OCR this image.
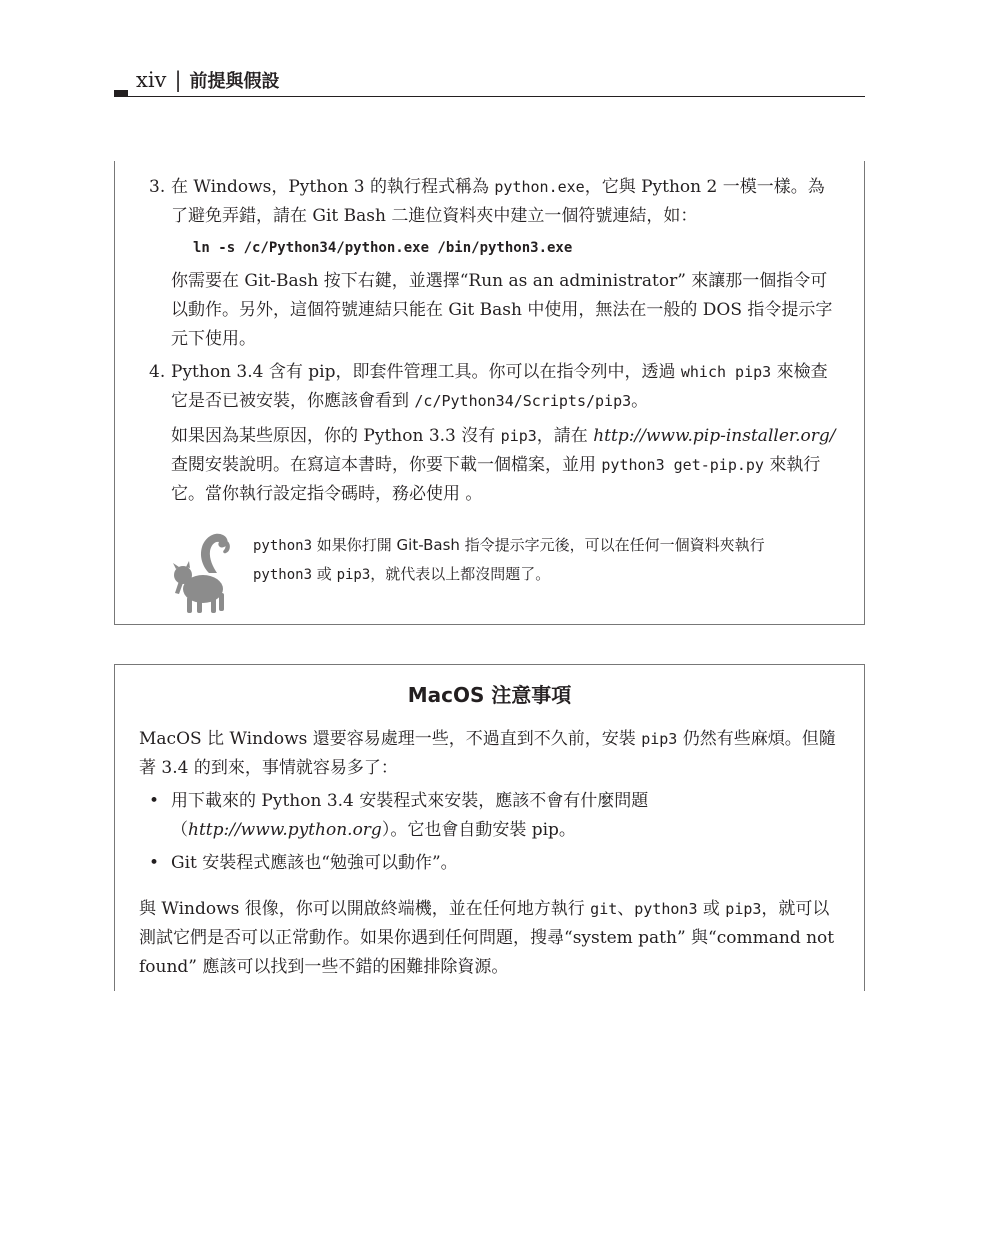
xiv | 前提與假設
3. 在 Windows，Python 3 的執行程式稱為 python.exe，它與 Python 2 一模一樣。為了避免弄錯，請在 Git Bash 二進位資料夾中建立一個符號連結，如：

ln -s /c/Python34/python.exe /bin/python3.exe

你需要在 Git-Bash 按下右鍵，並選擇“Run as an administrator” 來讓那一個指令可以動作。另外，這個符號連結只能在 Git Bash 中使用，無法在一般的 DOS 指令提示字元下使用。

4. Python 3.4 含有 pip，即套件管理工具。你可以在指令列中，透過 which pip3 來檢查它是否已被安裝，你應該會看到 /c/Python34/Scripts/pip3。

如果因為某些原因，你的 Python 3.3 沒有 pip3，請在 http://www.pip-installer.org/ 查閱安裝說明。在寫這本書時，你要下載一個檔案，並用 python3 get-pip.py 來執行它。當你執行設定指令碼時，務必使用 。

python3 如果你打開 Git-Bash 指令提示字元後，可以在任何一個資料夾執行 python3 或 pip3，就代表以上都沒問題了。
MacOS 注意事項

MacOS 比 Windows 還要容易處理一些，不過直到不久前，安裝 pip3 仍然有些麻煩。但隨著 3.4 的到來，事情就容易多了：

• 用下載來的 Python 3.4 安裝程式來安裝，應該不會有什麼問題（http://www.python.org）。它也會自動安裝 pip。
• Git 安裝程式應該也“勉強可以動作”。

與 Windows 很像，你可以開啟終端機，並在任何地方執行 git、python3 或 pip3，就可以測試它們是否可以正常動作。如果你遇到任何問題，搜尋“system path” 與“command not found” 應該可以找到一些不錯的困難排除資源。
